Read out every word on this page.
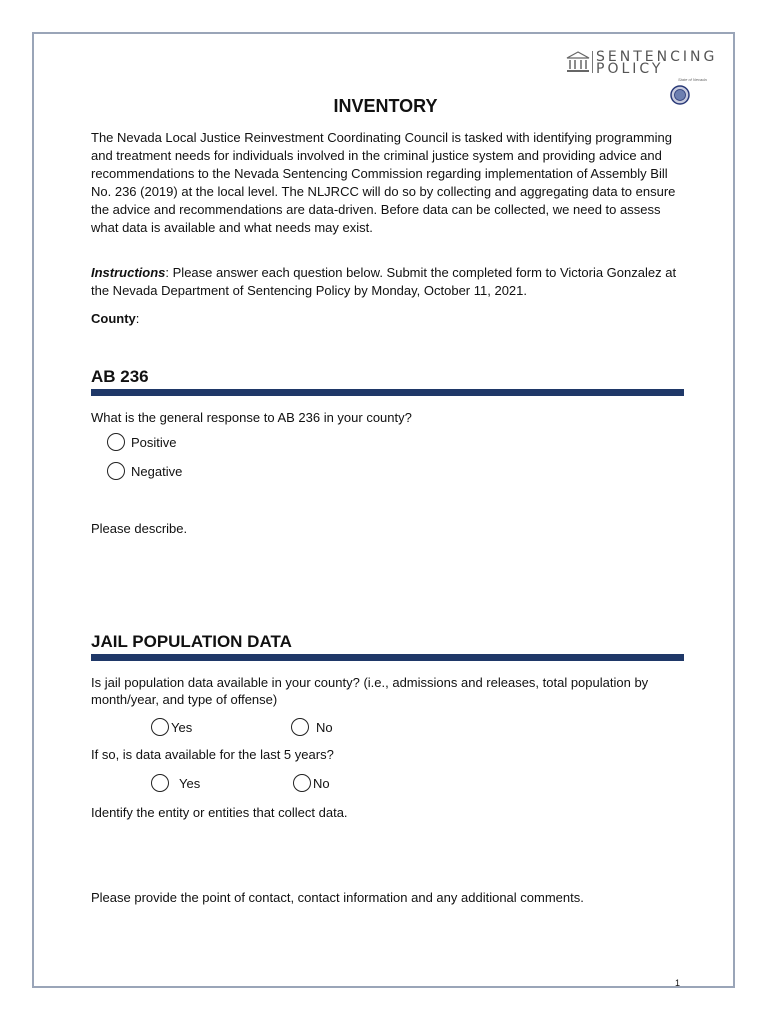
SENTENCING
POLICY
State of Nevada
INVENTORY
The Nevada Local Justice Reinvestment Coordinating Council is tasked with identifying programming and treatment needs for individuals involved in the criminal justice system and providing advice and recommendations to the Nevada Sentencing Commission regarding implementation of Assembly Bill No. 236 (2019) at the local level. The NLJRCC will do so by collecting and aggregating data to ensure the advice and recommendations are data-driven. Before data can be collected, we need to assess what data is available and what needs may exist.
Instructions: Please answer each question below. Submit the completed form to Victoria Gonzalez at the Nevada Department of Sentencing Policy by Monday, October 11, 2021.
County:
AB 236
What is the general response to AB 236 in your county?
Positive
Negative
Please describe.
JAIL POPULATION DATA
Is jail population data available in your county? (i.e., admissions and releases, total population by month/year, and type of offense)
Yes	No
If so, is data available for the last 5 years?
Yes	No
Identify the entity or entities that collect data.
Please provide the point of contact, contact information and any additional comments.
1
